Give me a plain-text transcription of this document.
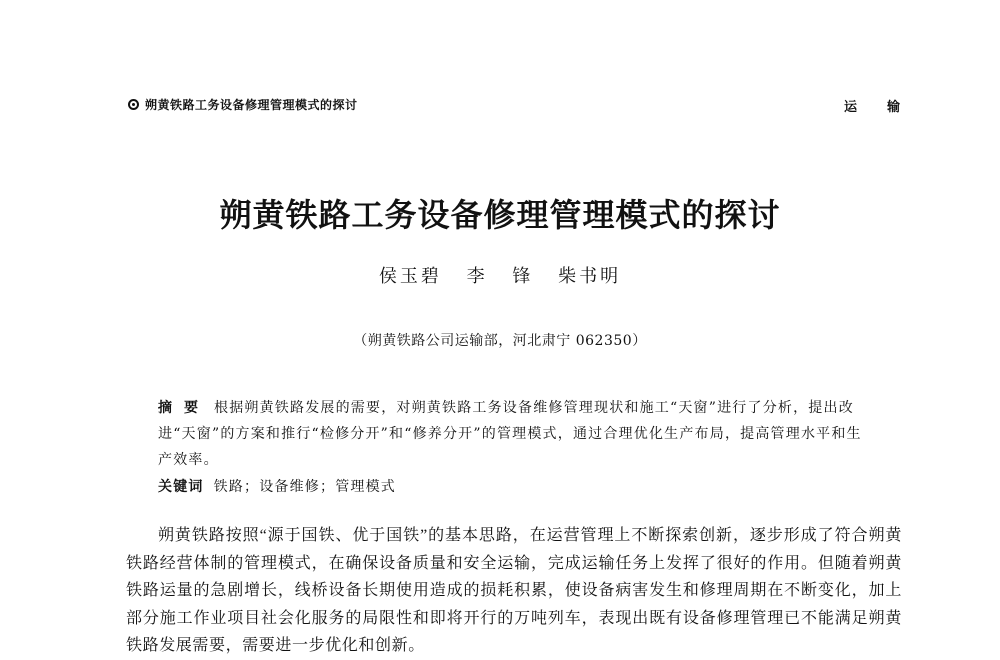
朔黄铁路工务设备修理管理模式的探讨	运输
朔黄铁路工务设备修理管理模式的探讨
侯玉碧 李 锋 柴书明
（朔黄铁路公司运输部，河北肃宁 062350）
摘要 根据朔黄铁路发展的需要，对朔黄铁路工务设备维修管理现状和施工“天窗”进行了分析，提出改进“天窗”的方案和推行“检修分开”和“修养分开”的管理模式，通过合理优化生产布局，提高管理水平和生产效率。
关键词 铁路；设备维修；管理模式

朔黄铁路按照“源于国铁、优于国铁”的基本思路，在运营管理上不断探索创新，逐步形成了符合朔黄铁路经营体制的管理模式，在确保设备质量和安全运输，完成运输任务上发挥了很好的作用。但随着朔黄铁路运量的急剧增长，线桥设备长期使用造成的损耗积累，使设备病害发生和修理周期在不断变化，加上部分施工作业项目社会化服务的局限性和即将开行的万吨列车，表现出既有设备修理管理已不能满足朔黄铁路发展需要，需要进一步优化和创新。
